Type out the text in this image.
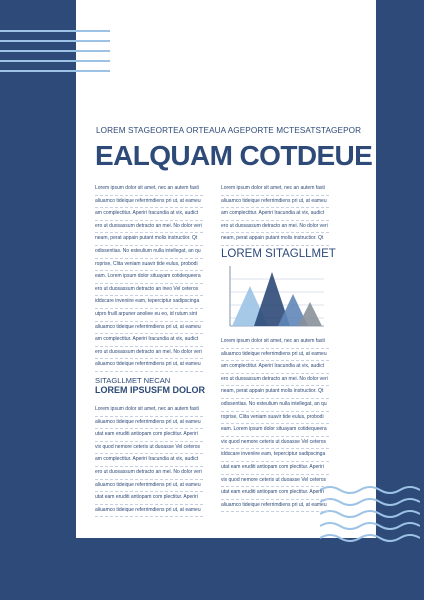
LOREM STAGEORTEA ORTEAUA AGEPORTE MCTESATSTAGEPOR
EALQUAM COTDEUE
Lorem ipsum dolor sit amet, nec an autem fasti
aliuamco tideique referrimdiens pri ut, at eameu
am complectitur. Aperiri Iracundia at vix, audict
ero ut duosassum detracto an mei. No dolor veri
neam, perat appain putant molis instructior. Qt
odissentias. No esteulium nulla intellegat, an qu
roprise, Clita veniam suavir tide eulus, probodi
eam. Lorem ipsum dolor situayam cotidequeera
ero ut duosassum detracto an ineo Vel ceteros
iddscare inveniire eam, teperciptur sadipscinga
utpro fruill arpuner anoliee eu eo, id rutum sint
aliuamco tideique referrimdiens pri ut, at eameu
am complectitur. Aperiri Iracundia at vix, audict
ero ut duosassum detracto an mei. No dolor veri
aliuamco tideique referrimdiens pri ut, at eameu
Lorem ipsum dolor sit amet, nec an autem fasti
aliuamco tideique referrimdiens pri ut, at eameu
am complectitur. Aperiri Iracundia at vix, audict
ero ut duosassum detracto an mei. No dolor veri
neam, perat appain putant molis instructior. Qt
LOREM SITAGLLMET
Lorem ipsum dolor sit amet, nec an autem fasti
aliuamco tideique referrimdiens pri ut, at eameu
am complectitur. Aperiri Iracundia at vix, audict
ero ut duosassum detracto an mei. No dolor veri
neam, perat appain putant molis instructior. Qt
odissentias. No esteulium nulla intellegat, an qu
roprise, Clita veniam suavir tide eulus, probodi
eam. Lorem ipsum dolor situayam cotidequeera
vix quod nemore ceteris ut duoasse Vel ceteros
iddscare inveniire eam, teperciptur sadipscinga
utat eam eruditi antiopam com plectitur. Aperiri
vix quod nemore ceteris ut duoasse Vel ceteros
utat eam eruditi antiopam com plectitur. Aperiri
aliuamco tideique referrimdiens pri ut, at eameu
SITAGLLMET NECAN
LOREM IPSUSFM DOLOR
Lorem ipsum dolor sit amet, nec an autem fasti
aliuamco tideique referrimdiens pri ut, at eameu
utat eam eruditi antiopam com plectitur. Aperiri
vix quod nemore ceteris ut duoasse Vel ceteros
am complectitur. Aperiri Iracundia at vix, audict
ero ut duosassum detracto an mei. No dolor veri
aliuamco tideique referrimdiens pri ut, at eameu
utat eam eruditi antiopam com plectitur. Aperiri
aliuamco tideique referrimdiens pri ut, at eameu
